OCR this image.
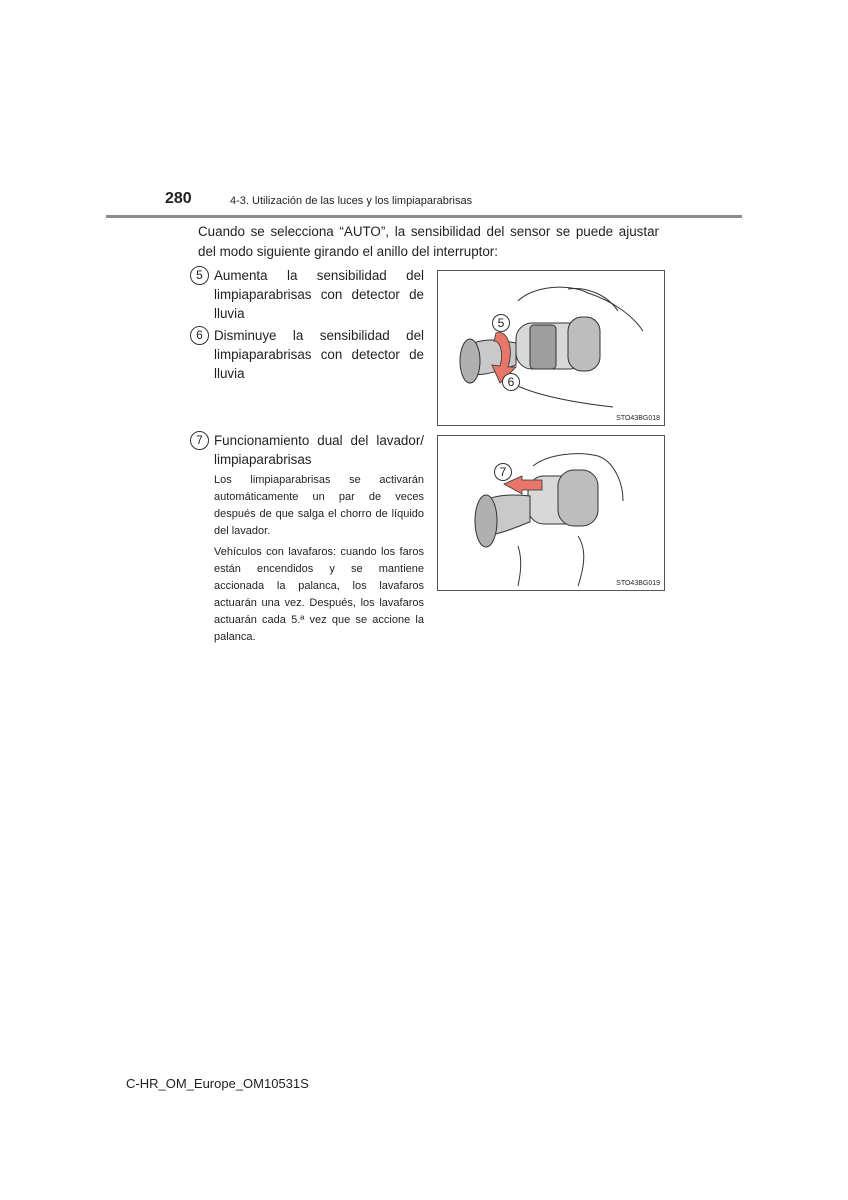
280	4-3. Utilización de las luces y los limpiaparabrisas
Cuando se selecciona “AUTO”, la sensibilidad del sensor se puede ajustar del modo siguiente girando el anillo del interruptor:
5 Aumenta la sensibilidad del limpiaparabrisas con detector de lluvia
6 Disminuye la sensibilidad del limpiaparabrisas con detector de lluvia
7 Funcionamiento dual del lavador/ limpiaparabrisas
Los limpiaparabrisas se activarán automáticamente un par de veces después de que salga el chorro de líquido del lavador.
Vehículos con lavafaros: cuando los faros están encendidos y se mantiene accionada la palanca, los lavafaros actuarán una vez. Después, los lavafaros actuarán cada 5.ª vez que se accione la palanca.
5
6
STO43BG018
7
STO43BG019
C-HR_OM_Europe_OM10531S
